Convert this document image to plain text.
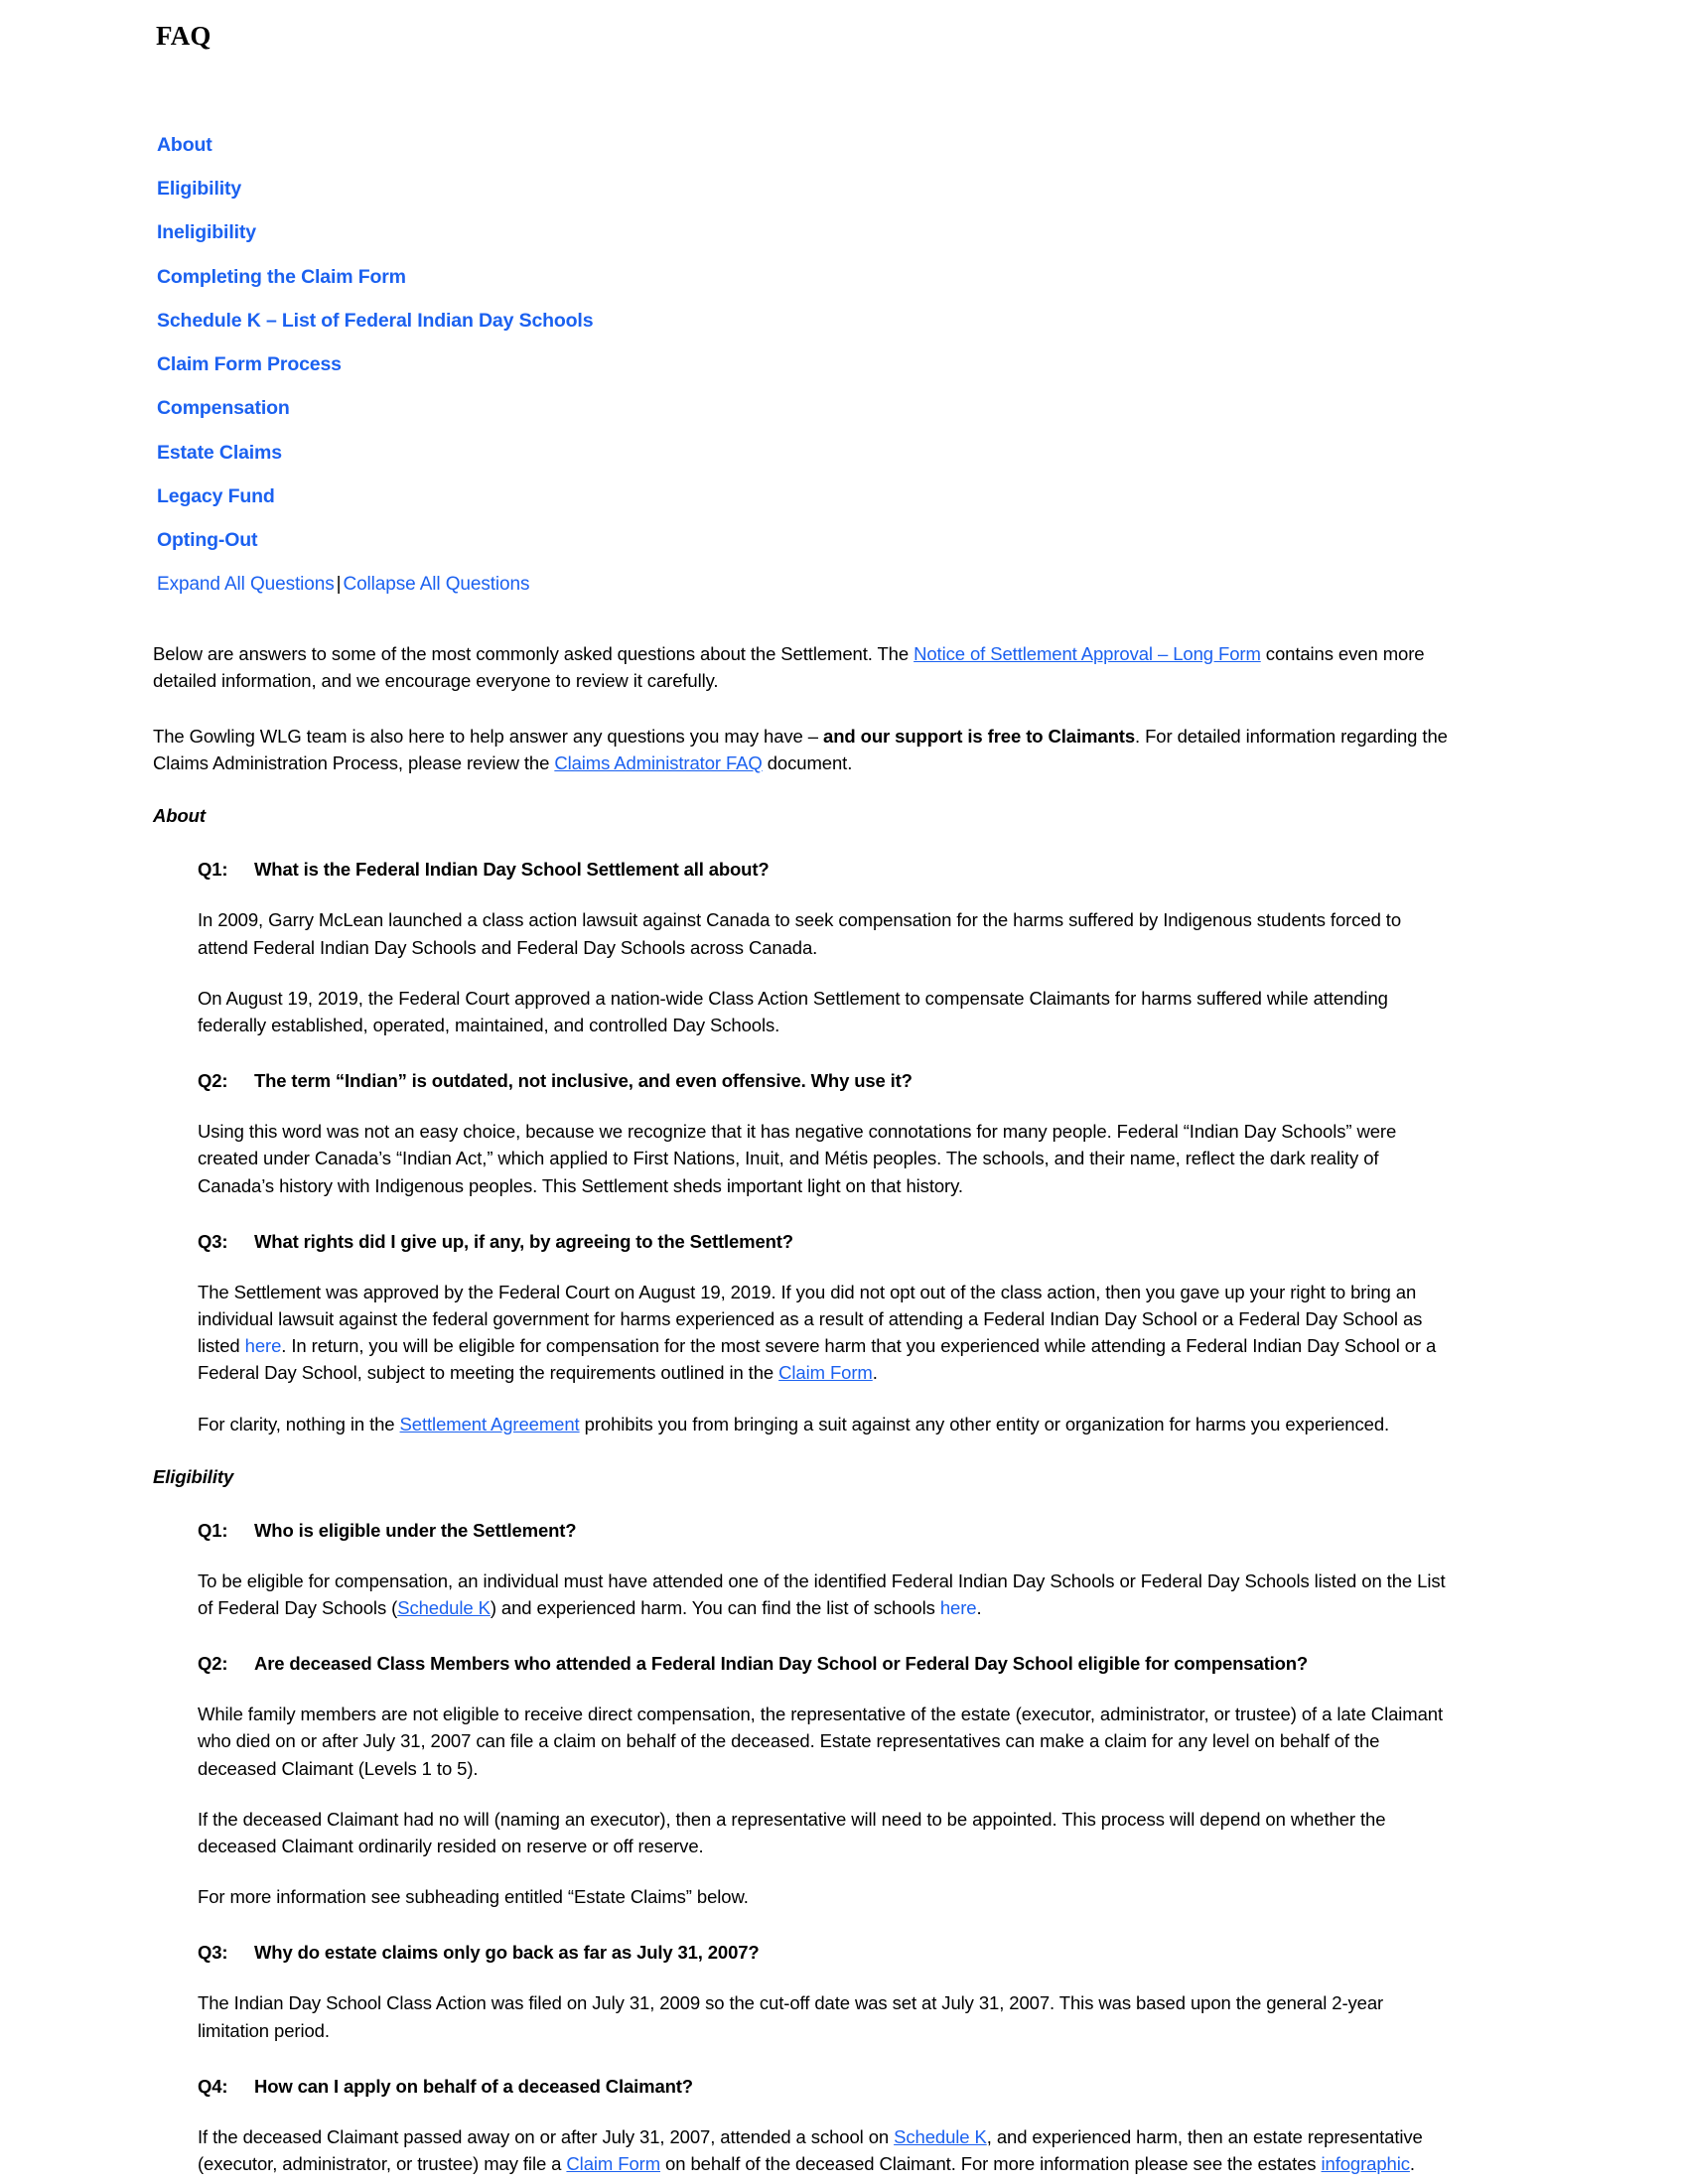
FAQ
About
Eligibility
Ineligibility
Completing the Claim Form
Schedule K – List of Federal Indian Day Schools
Claim Form Process
Compensation
Estate Claims
Legacy Fund
Opting-Out
Expand All Questions | Collapse All Questions

Below are answers to some of the most commonly asked questions about the Settlement. The Notice of Settlement Approval – Long Form contains even more detailed information, and we encourage everyone to review it carefully.

The Gowling WLG team is also here to help answer any questions you may have – and our support is free to Claimants. For detailed information regarding the Claims Administration Process, please review the Claims Administrator FAQ document.

About
Q1:	What is the Federal Indian Day School Settlement all about?

In 2009, Garry McLean launched a class action lawsuit against Canada to seek compensation for the harms suffered by Indigenous students forced to attend Federal Indian Day Schools and Federal Day Schools across Canada.

On August 19, 2019, the Federal Court approved a nation-wide Class Action Settlement to compensate Claimants for harms suffered while attending federally established, operated, maintained, and controlled Day Schools.

Q2:	The term “Indian” is outdated, not inclusive, and even offensive. Why use it?

Using this word was not an easy choice, because we recognize that it has negative connotations for many people. Federal “Indian Day Schools” were created under Canada’s “Indian Act,” which applied to First Nations, Inuit, and Métis peoples. The schools, and their name, reflect the dark reality of Canada’s history with Indigenous peoples. This Settlement sheds important light on that history.

Q3:	What rights did I give up, if any, by agreeing to the Settlement?

The Settlement was approved by the Federal Court on August 19, 2019. If you did not opt out of the class action, then you gave up your right to bring an individual lawsuit against the federal government for harms experienced as a result of attending a Federal Indian Day School or a Federal Day School as listed here. In return, you will be eligible for compensation for the most severe harm that you experienced while attending a Federal Indian Day School or a Federal Day School, subject to meeting the requirements outlined in the Claim Form.

For clarity, nothing in the Settlement Agreement prohibits you from bringing a suit against any other entity or organization for harms you experienced.

Eligibility
Q1:	Who is eligible under the Settlement?

To be eligible for compensation, an individual must have attended one of the identified Federal Indian Day Schools or Federal Day Schools listed on the List of Federal Day Schools (Schedule K) and experienced harm. You can find the list of schools here.

Q2:	Are deceased Class Members who attended a Federal Indian Day School or Federal Day School eligible for compensation?

While family members are not eligible to receive direct compensation, the representative of the estate (executor, administrator, or trustee) of a late Claimant who died on or after July 31, 2007 can file a claim on behalf of the deceased. Estate representatives can make a claim for any level on behalf of the deceased Claimant (Levels 1 to 5).

If the deceased Claimant had no will (naming an executor), then a representative will need to be appointed. This process will depend on whether the deceased Claimant ordinarily resided on reserve or off reserve.

For more information see subheading entitled “Estate Claims” below.

Q3:	Why do estate claims only go back as far as July 31, 2007?

The Indian Day School Class Action was filed on July 31, 2009 so the cut-off date was set at July 31, 2007. This was based upon the general 2-year limitation period.

Q4:	How can I apply on behalf of a deceased Claimant?

If the deceased Claimant passed away on or after July 31, 2007, attended a school on Schedule K, and experienced harm, then an estate representative (executor, administrator, or trustee) may file a Claim Form on behalf of the deceased Claimant. For more information please see the estates infographic.
